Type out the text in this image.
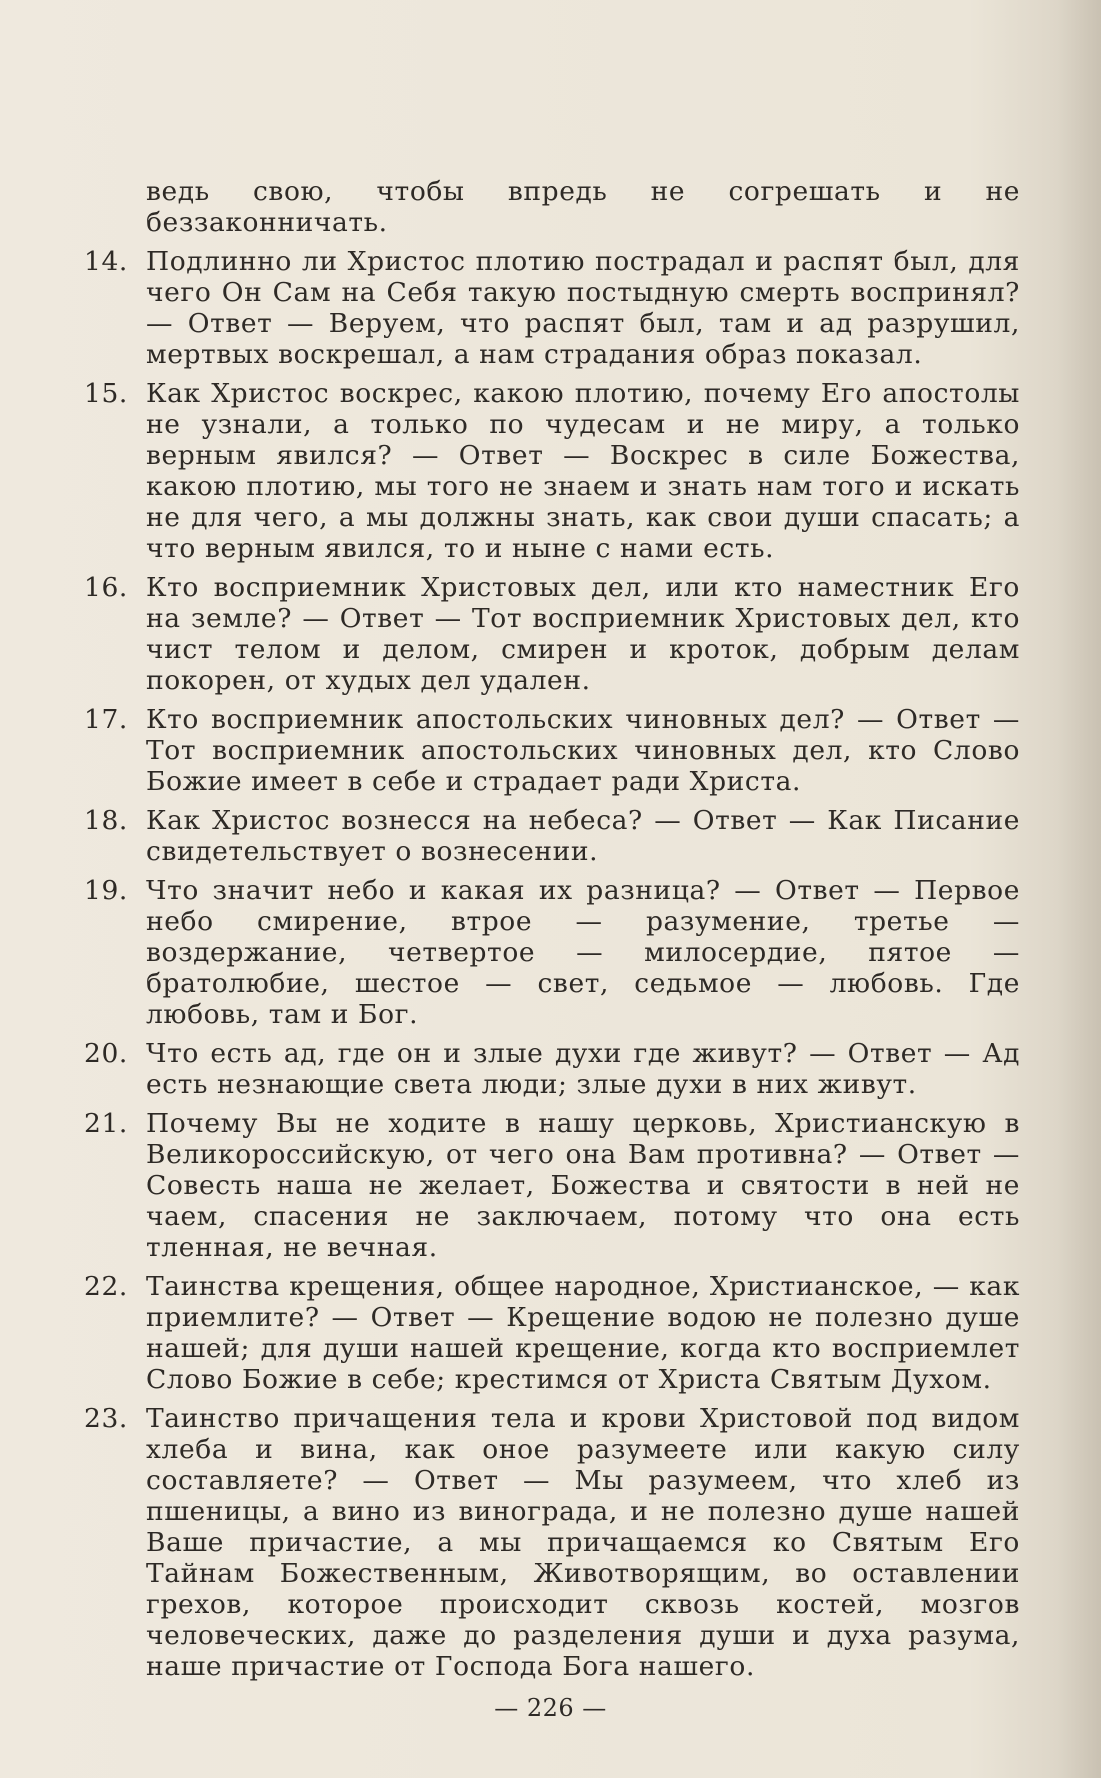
ведь свою, чтобы впредь не согрешать и не беззаконничать.
14. Подлинно ли Христос плотию пострадал и распят был, для чего Он Сам на Себя такую постыдную смерть воспринял? — Ответ — Веруем, что распят был, там и ад разрушил, мертвых воскрешал, а нам страдания образ показал.
15. Как Христос воскрес, какою плотию, почему Его апостолы не узнали, а только по чудесам и не миру, а только верным явился? — Ответ — Воскрес в силе Божества, какою плотию, мы того не знаем и знать нам того и искать не для чего, а мы должны знать, как свои души спасать; а что верным явился, то и ныне с нами есть.
16. Кто восприемник Христовых дел, или кто наместник Его на земле? — Ответ — Тот восприемник Христовых дел, кто чист телом и делом, смирен и кроток, добрым делам покорен, от худых дел удален.
17. Кто восприемник апостольских чиновных дел? — Ответ — Тот восприемник апостольских чиновных дел, кто Слово Божие имеет в себе и страдает ради Христа.
18. Как Христос вознесся на небеса? — Ответ — Как Писание свидетельствует о вознесении.
19. Что значит небо и какая их разница? — Ответ — Первое небо смирение, втрое — разумение, третье — воздержание, четвертое — милосердие, пятое — братолюбие, шестое — свет, седьмое — любовь. Где любовь, там и Бог.
20. Что есть ад, где он и злые духи где живут? — Ответ — Ад есть незнающие света люди; злые духи в них живут.
21. Почему Вы не ходите в нашу церковь, Христианскую в Великороссийскую, от чего она Вам противна? — Ответ — Совесть наша не желает, Божества и святости в ней не чаем, спасения не заключаем, потому что она есть тленная, не вечная.
22. Таинства крещения, общее народное, Христианское, — как приемлите? — Ответ — Крещение водою не полезно душе нашей; для души нашей крещение, когда кто восприемлет Слово Божие в себе; крестимся от Христа Святым Духом.
23. Таинство причащения тела и крови Христовой под видом хлеба и вина, как оное разумеете или какую силу составляете? — Ответ — Мы разумеем, что хлеб из пшеницы, а вино из винограда, и не полезно душе нашей Ваше причастие, а мы причащаемся ко Святым Его Тайнам Божественным, Животворящим, во оставлении грехов, которое происходит сквозь костей, мозгов человеческих, даже до разделения души и духа разума, наше причастие от Господа Бога нашего.
— 226 —
